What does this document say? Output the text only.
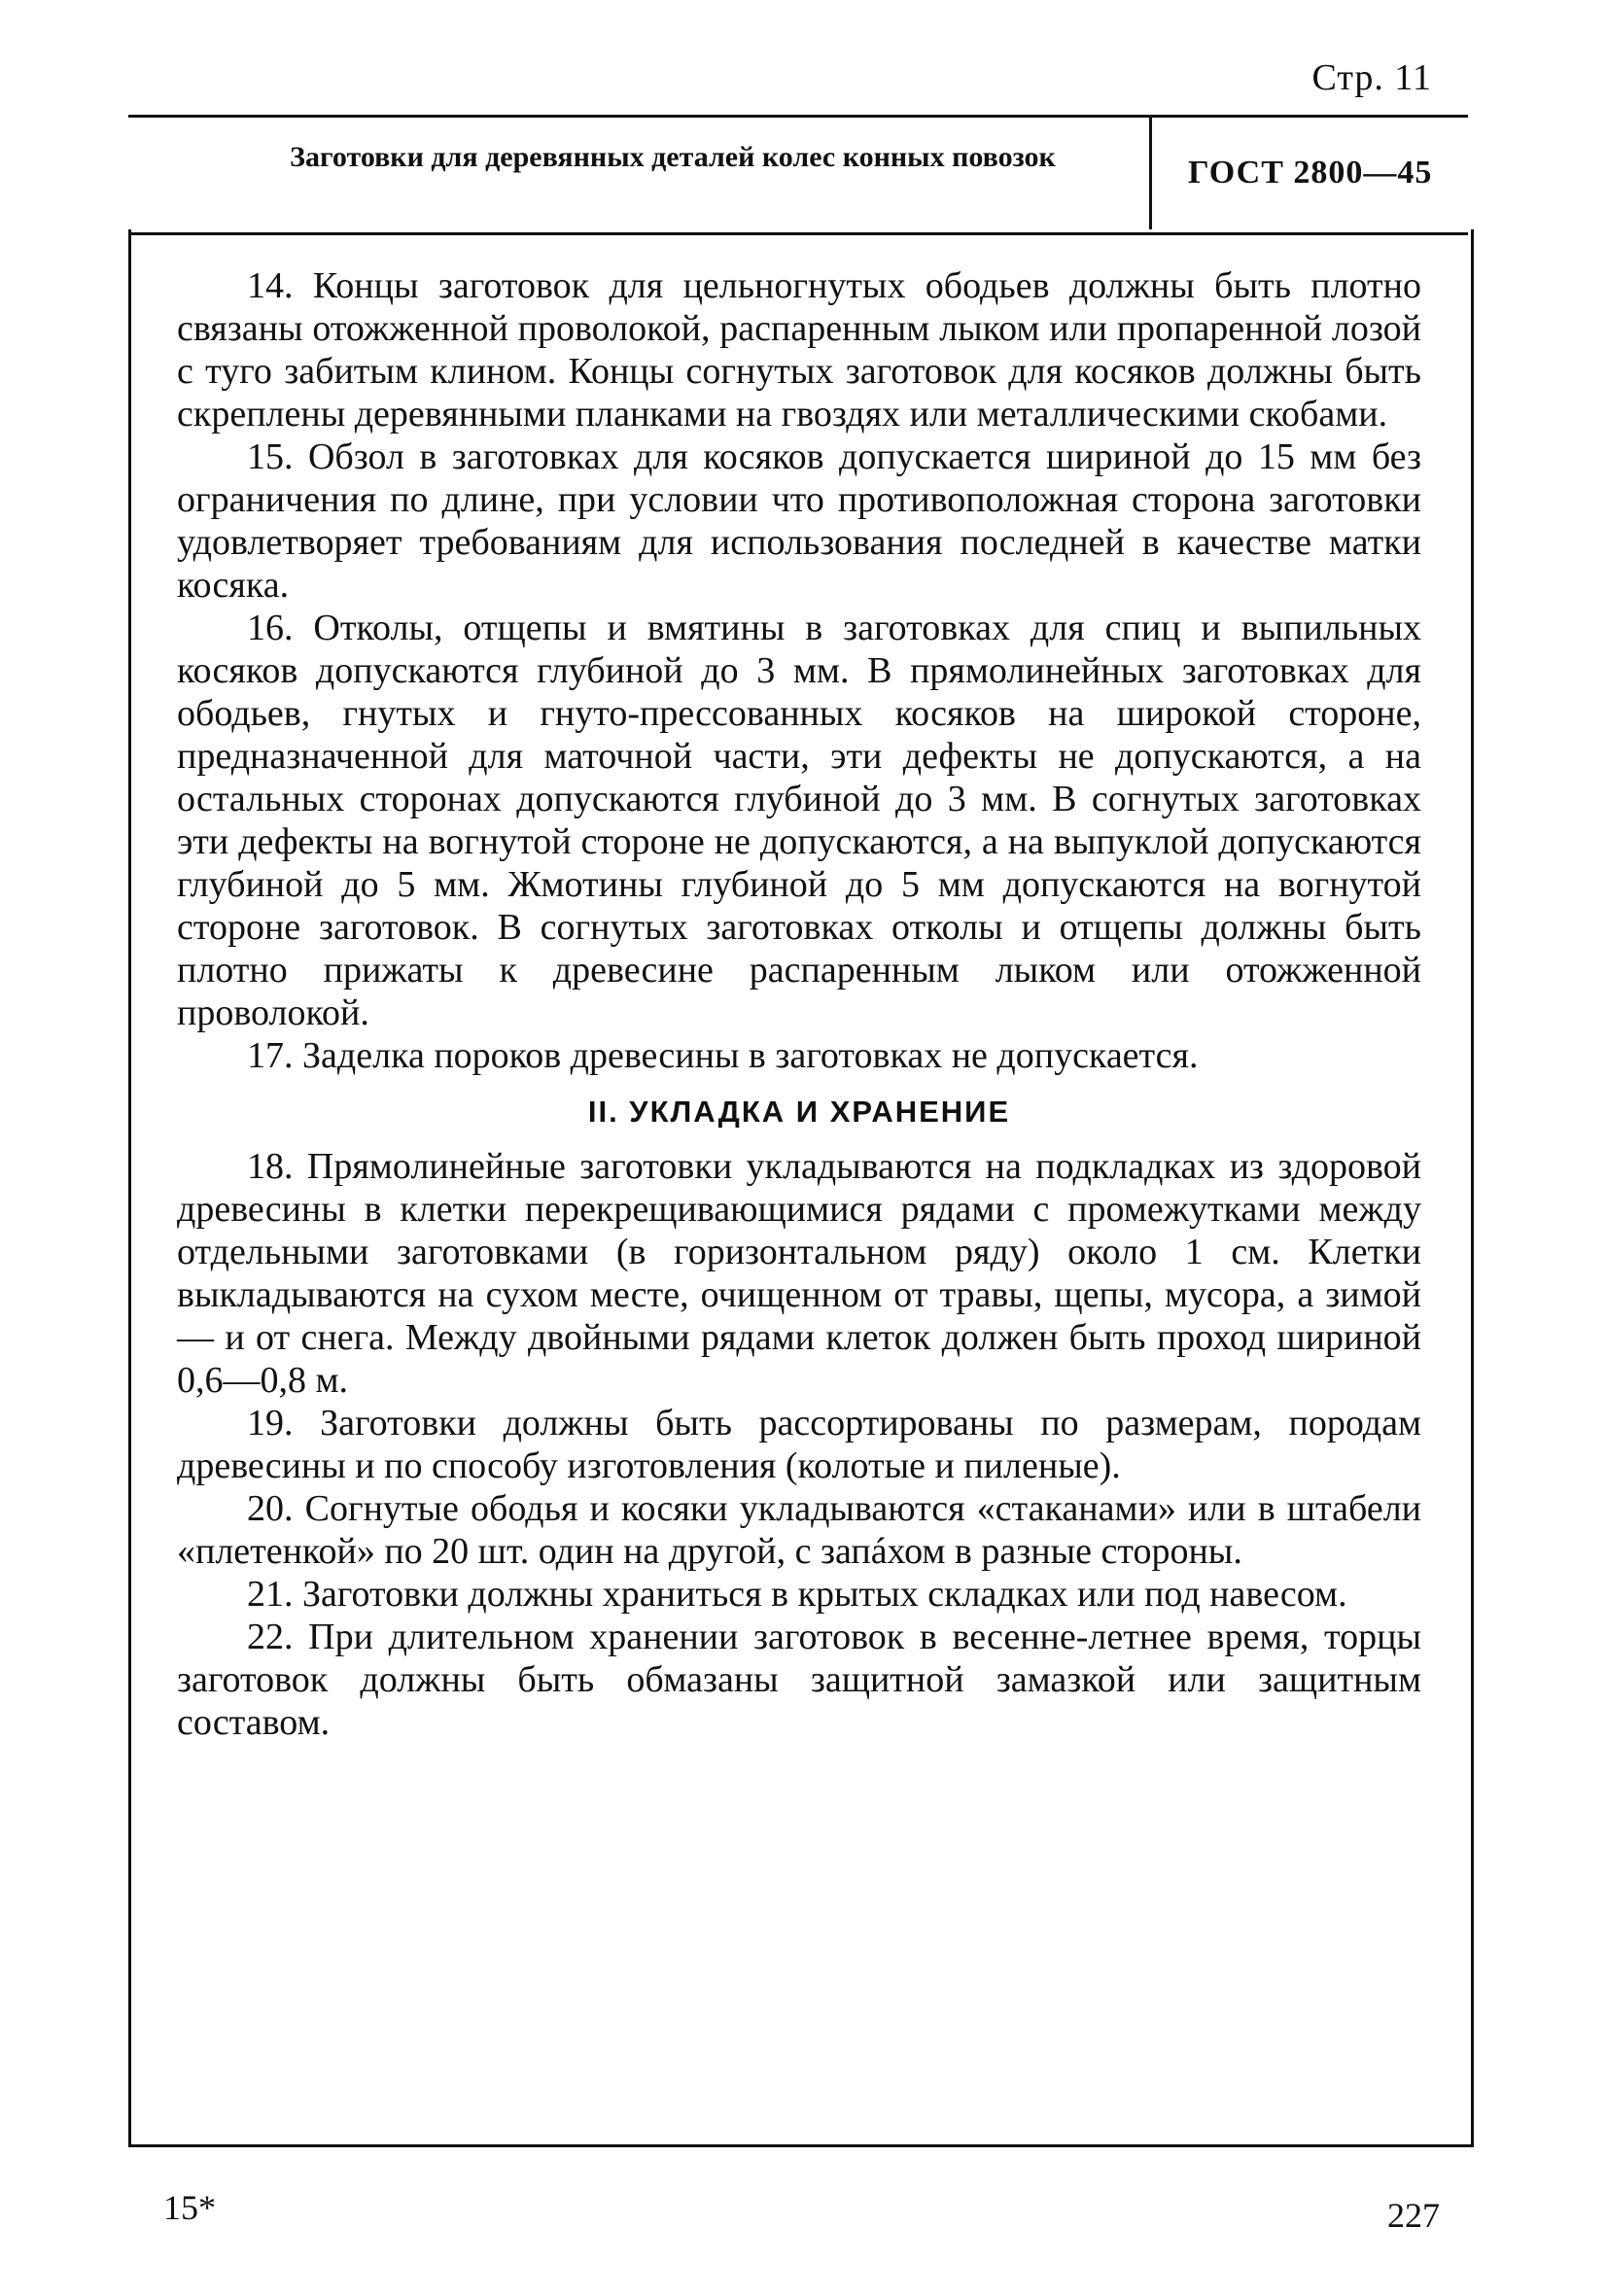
Стр. 11
Заготовки для деревянных деталей колес конных повозок	ГОСТ 2800—45

14. Концы заготовок для цельногнутых ободьев должны быть плотно связаны отожженной проволокой, распаренным лыком или пропаренной лозой с туго забитым клином. Концы согнутых заготовок для косяков должны быть скреплены деревянными планками на гвоздях или металлическими скобами.

15. Обзол в заготовках для косяков допускается шириной до 15 мм без ограничения по длине, при условии что противоположная сторона заготовки удовлетворяет требованиям для использования последней в качестве матки косяка.

16. Отколы, отщепы и вмятины в заготовках для спиц и выпильных косяков допускаются глубиной до 3 мм. В прямолинейных заготовках для ободьев, гнутых и гнуто-прессованных косяков на широкой стороне, предназначенной для маточной части, эти дефекты не допускаются, а на остальных сторонах допускаются глубиной до 3 мм. В согнутых заготовках эти дефекты на вогнутой стороне не допускаются, а на выпуклой допускаются глубиной до 5 мм. Жмотины глубиной до 5 мм допускаются на вогнутой стороне заготовок. В согнутых заготовках отколы и отщепы должны быть плотно прижаты к древесине распаренным лыком или отожженной проволокой.

17. Заделка пороков древесины в заготовках не допускается.

II. УКЛАДКА И ХРАНЕНИЕ

18. Прямолинейные заготовки укладываются на подкладках из здоровой древесины в клетки перекрещивающимися рядами с промежутками между отдельными заготовками (в горизонтальном ряду) около 1 см. Клетки выкладываются на сухом месте, очищенном от травы, щепы, мусора, а зимой — и от снега. Между двойными рядами клеток должен быть проход шириной 0,6—0,8 м.

19. Заготовки должны быть рассортированы по размерам, породам древесины и по способу изготовления (колотые и пиленые).

20. Согнутые ободья и косяки укладываются «стаканами» или в штабели «плетенкой» по 20 шт. один на другой, с запáхом в разные стороны.

21. Заготовки должны храниться в крытых складках или под навесом.

22. При длительном хранении заготовок в весенне-летнее время, торцы заготовок должны быть обмазаны защитной замазкой или защитным составом.

15*	227
